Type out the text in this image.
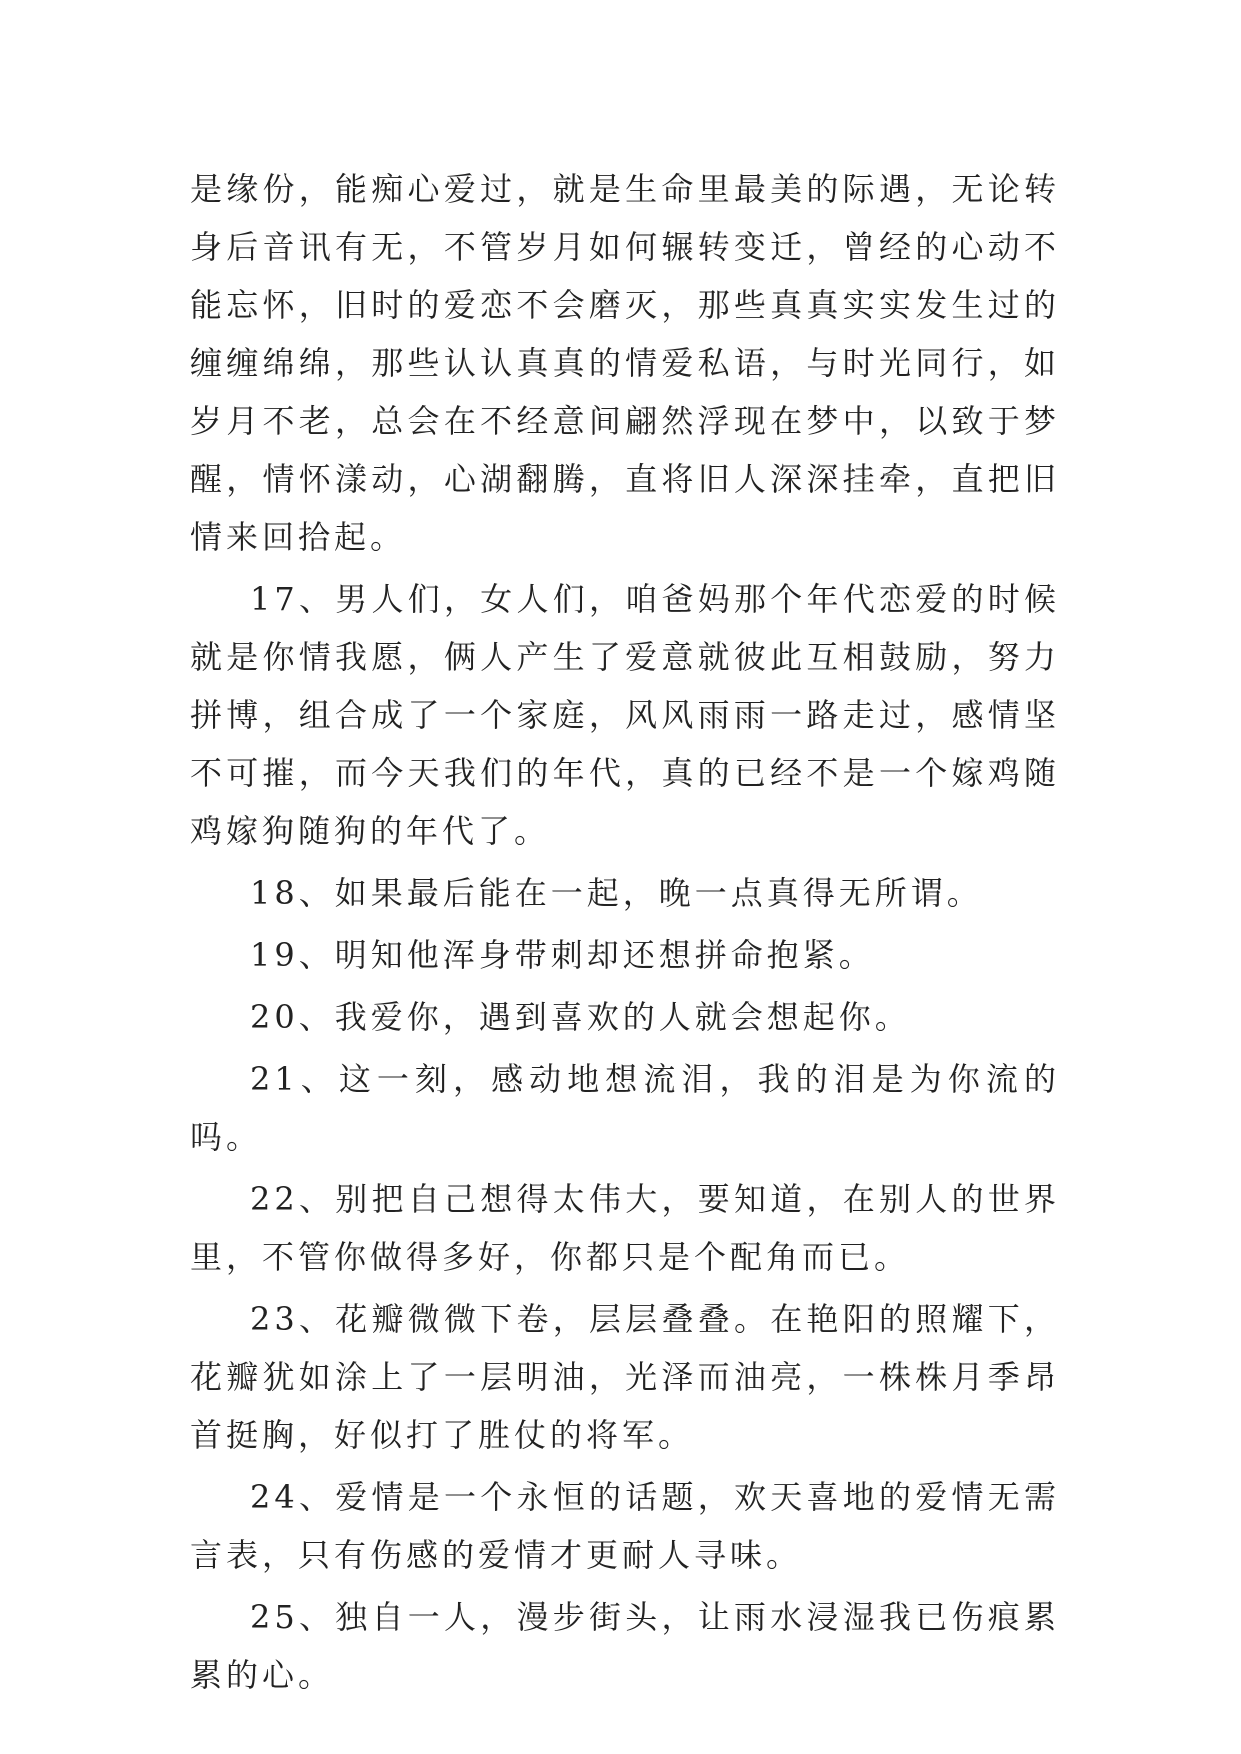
是缘份，能痴心爱过，就是生命里最美的际遇，无论转身后音讯有无，不管岁月如何辗转变迁，曾经的心动不能忘怀，旧时的爱恋不会磨灭，那些真真实实发生过的缠缠绵绵，那些认认真真的情爱私语，与时光同行，如岁月不老，总会在不经意间翩然浮现在梦中，以致于梦醒，情怀漾动，心湖翻腾，直将旧人深深挂牵，直把旧情来回拾起。

17、男人们，女人们，咱爸妈那个年代恋爱的时候就是你情我愿，俩人产生了爱意就彼此互相鼓励，努力拼博，组合成了一个家庭，风风雨雨一路走过，感情坚不可摧，而今天我们的年代，真的已经不是一个嫁鸡随鸡嫁狗随狗的年代了。

18、如果最后能在一起，晚一点真得无所谓。

19、明知他浑身带刺却还想拼命抱紧。

20、我爱你，遇到喜欢的人就会想起你。

21、这一刻，感动地想流泪，我的泪是为你流的吗。

22、别把自己想得太伟大，要知道，在别人的世界里，不管你做得多好，你都只是个配角而已。

23、花瓣微微下卷，层层叠叠。在艳阳的照耀下，花瓣犹如涂上了一层明油，光泽而油亮，一株株月季昂首挺胸，好似打了胜仗的将军。

24、爱情是一个永恒的话题，欢天喜地的爱情无需言表，只有伤感的爱情才更耐人寻味。

25、独自一人，漫步街头，让雨水浸湿我已伤痕累累的心。
